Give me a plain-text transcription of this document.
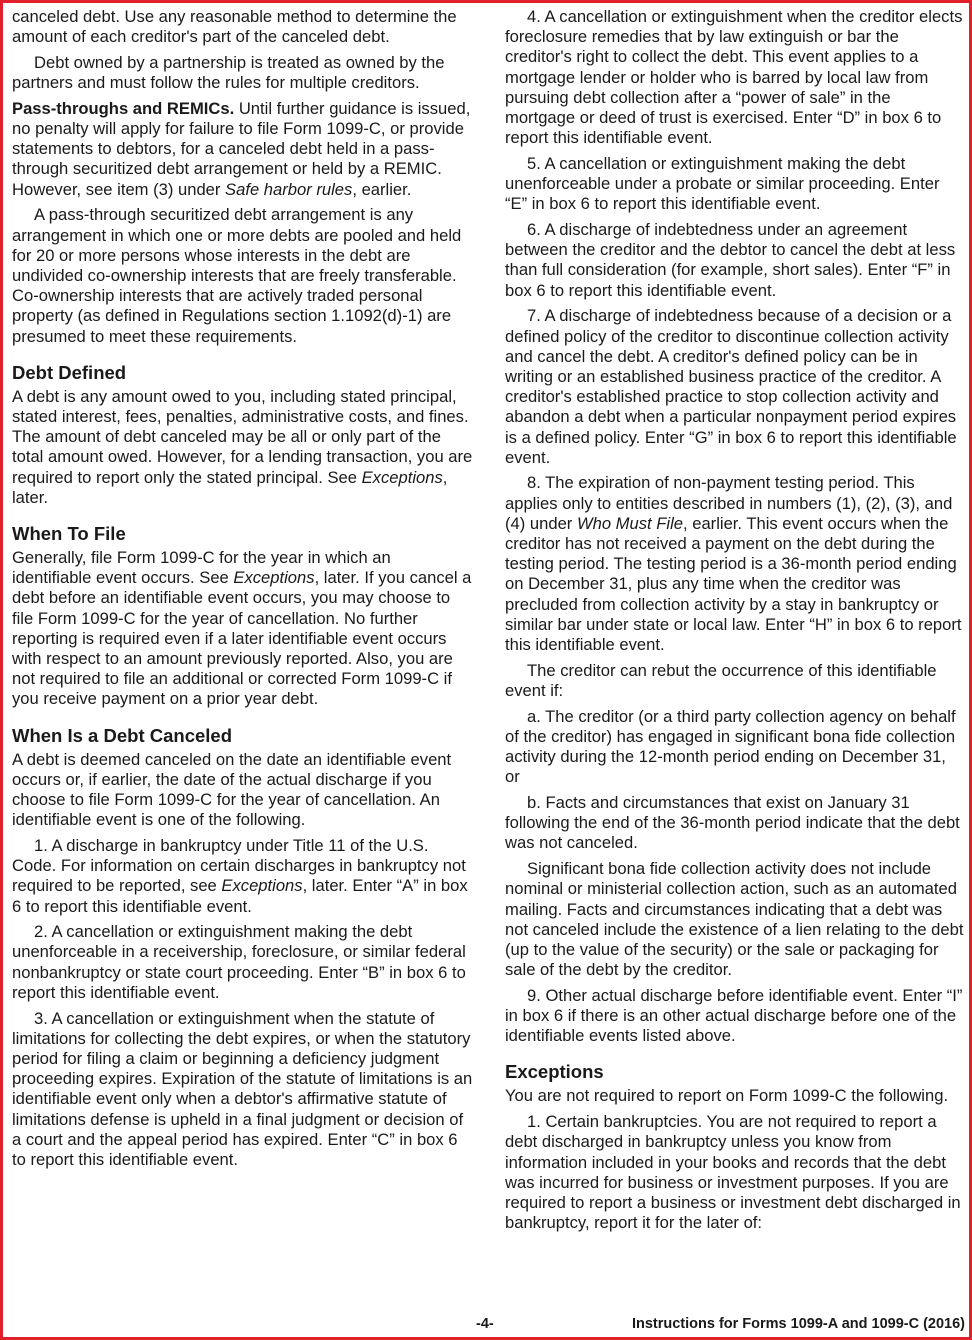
canceled debt. Use any reasonable method to determine the amount of each creditor's part of the canceled debt.

Debt owned by a partnership is treated as owned by the partners and must follow the rules for multiple creditors.

Pass-throughs and REMICs. Until further guidance is issued, no penalty will apply for failure to file Form 1099-C, or provide statements to debtors, for a canceled debt held in a pass-through securitized debt arrangement or held by a REMIC. However, see item (3) under Safe harbor rules, earlier.

A pass-through securitized debt arrangement is any arrangement in which one or more debts are pooled and held for 20 or more persons whose interests in the debt are undivided co-ownership interests that are freely transferable. Co-ownership interests that are actively traded personal property (as defined in Regulations section 1.1092(d)-1) are presumed to meet these requirements.

Debt Defined

A debt is any amount owed to you, including stated principal, stated interest, fees, penalties, administrative costs, and fines. The amount of debt canceled may be all or only part of the total amount owed. However, for a lending transaction, you are required to report only the stated principal. See Exceptions, later.

When To File

Generally, file Form 1099-C for the year in which an identifiable event occurs. See Exceptions, later. If you cancel a debt before an identifiable event occurs, you may choose to file Form 1099-C for the year of cancellation. No further reporting is required even if a later identifiable event occurs with respect to an amount previously reported. Also, you are not required to file an additional or corrected Form 1099-C if you receive payment on a prior year debt.

When Is a Debt Canceled

A debt is deemed canceled on the date an identifiable event occurs or, if earlier, the date of the actual discharge if you choose to file Form 1099-C for the year of cancellation. An identifiable event is one of the following.

1. A discharge in bankruptcy under Title 11 of the U.S. Code. For information on certain discharges in bankruptcy not required to be reported, see Exceptions, later. Enter “A” in box 6 to report this identifiable event.

2. A cancellation or extinguishment making the debt unenforceable in a receivership, foreclosure, or similar federal nonbankruptcy or state court proceeding. Enter “B” in box 6 to report this identifiable event.

3. A cancellation or extinguishment when the statute of limitations for collecting the debt expires, or when the statutory period for filing a claim or beginning a deficiency judgment proceeding expires. Expiration of the statute of limitations is an identifiable event only when a debtor's affirmative statute of limitations defense is upheld in a final judgment or decision of a court and the appeal period has expired. Enter “C” in box 6 to report this identifiable event.

4. A cancellation or extinguishment when the creditor elects foreclosure remedies that by law extinguish or bar the creditor's right to collect the debt. This event applies to a mortgage lender or holder who is barred by local law from pursuing debt collection after a “power of sale” in the mortgage or deed of trust is exercised. Enter “D” in box 6 to report this identifiable event.

5. A cancellation or extinguishment making the debt unenforceable under a probate or similar proceeding. Enter “E” in box 6 to report this identifiable event.

6. A discharge of indebtedness under an agreement between the creditor and the debtor to cancel the debt at less than full consideration (for example, short sales). Enter “F” in box 6 to report this identifiable event.

7. A discharge of indebtedness because of a decision or a defined policy of the creditor to discontinue collection activity and cancel the debt. A creditor's defined policy can be in writing or an established business practice of the creditor. A creditor's established practice to stop collection activity and abandon a debt when a particular nonpayment period expires is a defined policy. Enter “G” in box 6 to report this identifiable event.

8. The expiration of non-payment testing period. This applies only to entities described in numbers (1), (2), (3), and (4) under Who Must File, earlier. This event occurs when the creditor has not received a payment on the debt during the testing period. The testing period is a 36-month period ending on December 31, plus any time when the creditor was precluded from collection activity by a stay in bankruptcy or similar bar under state or local law. Enter “H” in box 6 to report this identifiable event.

The creditor can rebut the occurrence of this identifiable event if:

a. The creditor (or a third party collection agency on behalf of the creditor) has engaged in significant bona fide collection activity during the 12-month period ending on December 31, or

b. Facts and circumstances that exist on January 31 following the end of the 36-month period indicate that the debt was not canceled.

Significant bona fide collection activity does not include nominal or ministerial collection action, such as an automated mailing. Facts and circumstances indicating that a debt was not canceled include the existence of a lien relating to the debt (up to the value of the security) or the sale or packaging for sale of the debt by the creditor.

9. Other actual discharge before identifiable event. Enter “I” in box 6 if there is an other actual discharge before one of the identifiable events listed above.

Exceptions

You are not required to report on Form 1099-C the following.

1. Certain bankruptcies. You are not required to report a debt discharged in bankruptcy unless you know from information included in your books and records that the debt was incurred for business or investment purposes. If you are required to report a business or investment debt discharged in bankruptcy, report it for the later of:

-4-	Instructions for Forms 1099-A and 1099-C (2016)
